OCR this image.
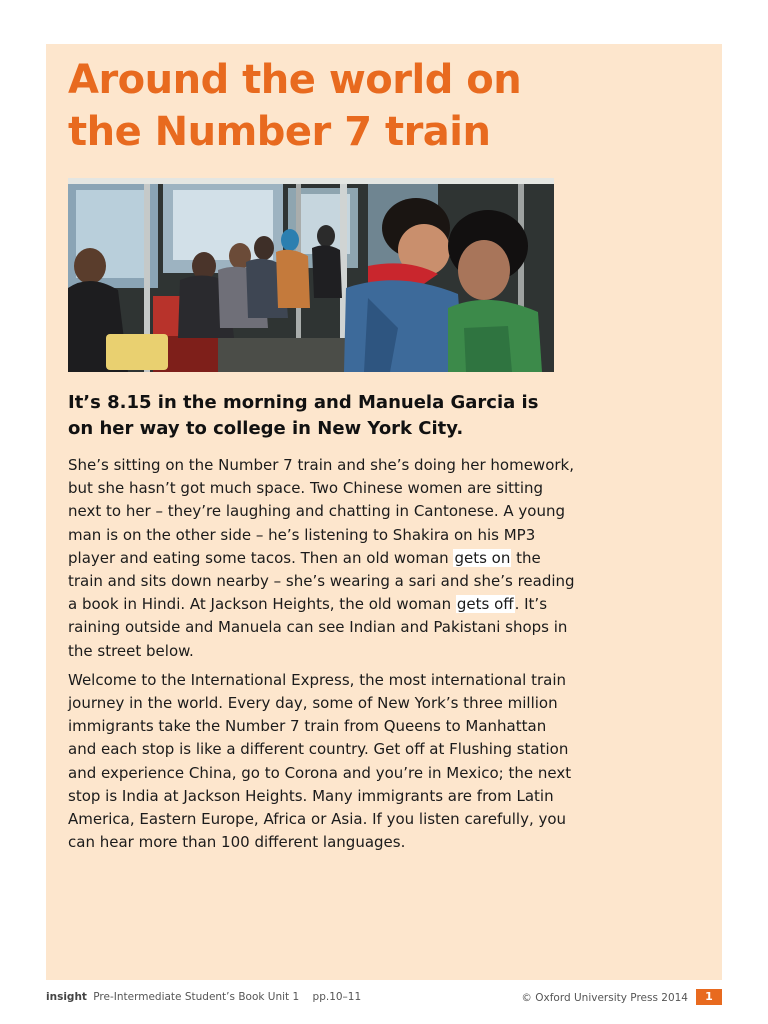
Around the world on
the Number 7 train

It’s 8.15 in the morning and Manuela Garcia is
on her way to college in New York City.

She’s sitting on the Number 7 train and she’s doing her homework, but she hasn’t got much space. Two Chinese women are sitting next to her – they’re laughing and chatting in Cantonese. A young man is on the other side – he’s listening to Shakira on his MP3 player and eating some tacos. Then an old woman gets on the train and sits down nearby – she’s wearing a sari and she’s reading a book in Hindi. At Jackson Heights, the old woman gets off. It’s raining outside and Manuela can see Indian and Pakistani shops in the street below.

Welcome to the International Express, the most international train journey in the world. Every day, some of New York’s three million immigrants take the Number 7 train from Queens to Manhattan and each stop is like a different country. Get off at Flushing station and experience China, go to Corona and you’re in Mexico; the next stop is India at Jackson Heights. Many immigrants are from Latin America, Eastern Europe, Africa or Asia. If you listen carefully, you can hear more than 100 different languages.

insight Pre-Intermediate Student’s Book Unit 1 pp.10–11	© Oxford University Press 2014	1
